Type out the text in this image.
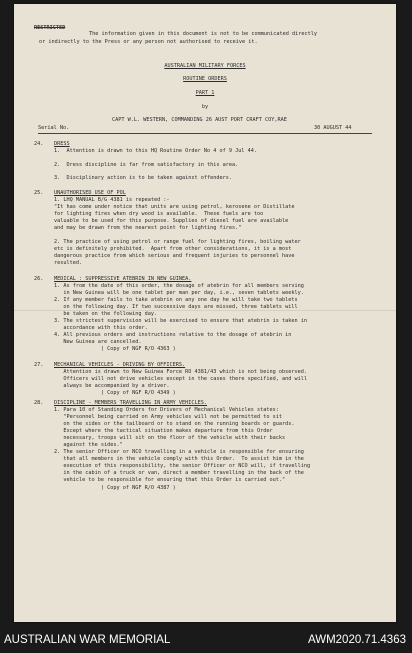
RESTRICTED
The information given in this document is not to be communicated directly
or indirectly to the Press or any person not authorised to receive it.
AUSTRALIAN MILITARY FORCES
ROUTINE ORDERS
PART 1
by
CAPT W.L. WESTERN, COMMANDING 26 AUST PORT CRAFT COY,RAE
Serial No.	30 AUGUST 44
24. DRESS
1.  Attention is drawn to this HQ Routine Order No 4 of 9 Jul 44.
2.  Dress discipline is far from satisfactory in this area.
3.  Disciplinary action is to be taken against offenders.
25. UNAUTHORISED USE OF POL
1. LHQ MANUAL B/G 4381 is repeated :-
"It has come under notice that units are using petrol, kerosene or Distillate
for lighting fires when dry wood is available.  These fuels are too
valuable to be used for this purpose. Supplies of diesel fuel are available
and may be drawn from the nearest point for lighting fires."
2. The practice of using petrol or range fuel for lighting fires, boiling water
etc is definitely prohibited.  Apart from other considerations, it is a most
dangerous practice from which serious and frequent injuries to personnel have
resulted.
26. MEDICAL : SUPPRESSIVE ATEBRIN IN NEW GUINEA.
1. As from the date of this order, the dosage of atebrin for all members serving
in New Guinea will be one tablet per man per day, i.e., seven tablets weekly.
2. If any member fails to take atebrin on any one day he will take two tablets
on the following day. If two successive days are missed, three tablets will
be taken on the following day.
3. The strictest supervision will be exercised to ensure that atebrin is taken in
accordance with this order.
4. All previous orders and instructions relative to the dosage of atebrin in
New Guinea are cancelled.
( Copy of NGF R/O 4363 )
27. MECHANICAL VEHICLES - DRIVING BY OFFICERS.
Attention is drawn to New Guinea Force RO 4381/43 which is not being observed.
Officers will not drive vehicles except in the cases there specified, and will
always be accompanied by a driver.
( Copy of NGF R/O 4349 )
28. DISCIPLINE - MEMBERS TRAVELLING IN ARMY VEHICLES.
1. Para 10 of Standing Orders for Drivers of Mechanical Vehicles states:
"Personnel being carried on Army vehicles will not be permitted to sit
on the sides or the tailboard or to stand on the running boards or guards.
Except where the tactical situation makes departure from this Order
necessary, troops will sit on the floor of the vehicle with their backs
against the sides."
2. The senior Officer or NCO travelling in a vehicle is responsible for ensuring
that all members in the vehicle comply with this Order.  To assist him in the
execution of this responsibility, the senior Officer or NCO will, if travelling
in the cabin of a truck or van, direct a member travelling in the back of the
vehicle to be responsible for ensuring that this Order is carried out."
( Copy of NGF R/O 4387 )
AUSTRALIAN WAR MEMORIAL	AWM2020.71.4363
